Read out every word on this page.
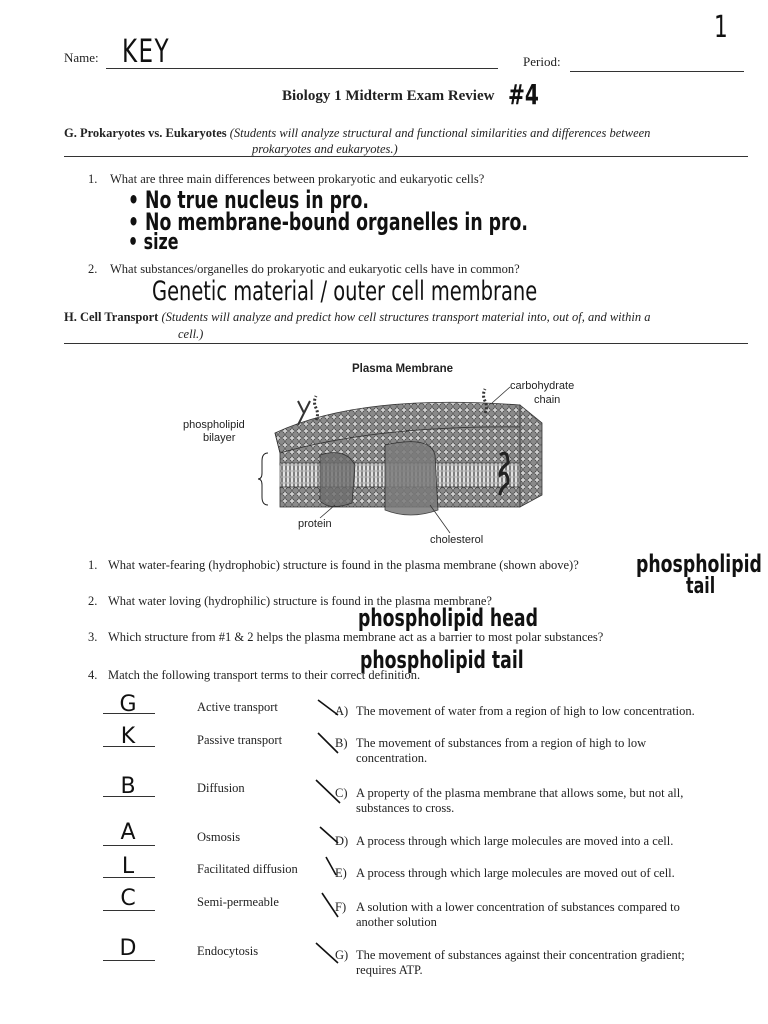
1
Name: KEY	Period:
Biology 1 Midterm Exam Review #4
G. Prokaryotes vs. Eukaryotes (Students will analyze structural and functional similarities and differences between
prokaryotes and eukaryotes.)
1. What are three main differences between prokaryotic and eukaryotic cells?
• No true nucleus in pro.
• No membrane-bound organelles in pro.
• size
2. What substances/organelles do prokaryotic and eukaryotic cells have in common?
Genetic material / outer cell membrane
H. Cell Transport (Students will analyze and predict how cell structures transport material into, out of, and within a
cell.)
Plasma Membrane
carbohydrate
chain
phospholipid
bilayer
protein
cholesterol
1. What water-fearing (hydrophobic) structure is found in the plasma membrane (shown above)? phospholipid
tail
2. What water loving (hydrophilic) structure is found in the plasma membrane?
phospholipid head
3. Which structure from #1 & 2 helps the plasma membrane act as a barrier to most polar substances?
phospholipid tail
4. Match the following transport terms to their correct definition.
G	Active transport	A) The movement of water from a region of high to low concentration.
K	Passive transport	B) The movement of substances from a region of high to low
concentration.
B	Diffusion	C) A property of the plasma membrane that allows some, but not all,
substances to cross.
A	Osmosis	D) A process through which large molecules are moved into a cell.
L	Facilitated diffusion	E) A process through which large molecules are moved out of cell.
C	Semi-permeable	F) A solution with a lower concentration of substances compared to
another solution
D	Endocytosis	G) The movement of substances against their concentration gradient;
requires ATP.
